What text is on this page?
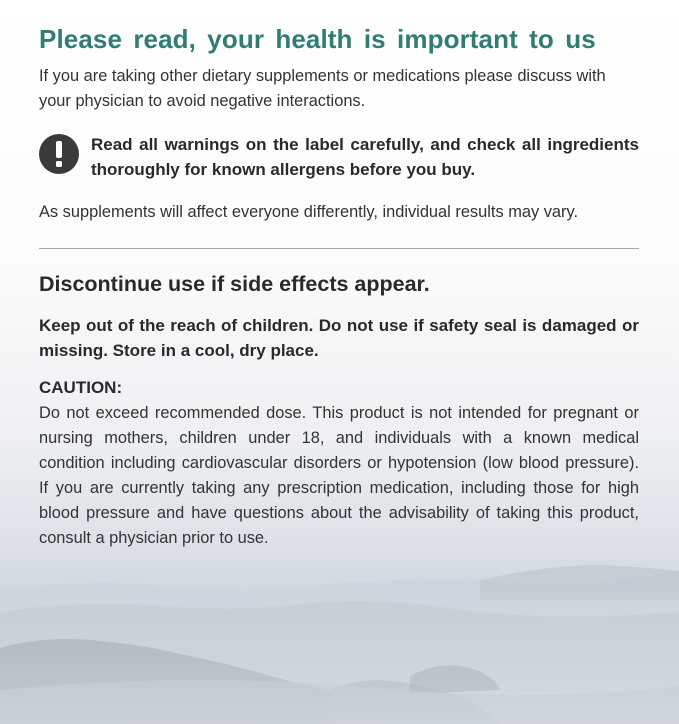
Please read, your health is important to us

If you are taking other dietary supplements or medications please discuss with your physician to avoid negative interactions.

Read all warnings on the label carefully, and check all ingredients thoroughly for known allergens before you buy.

As supplements will affect everyone differently, individual results may vary.

Discontinue use if side effects appear.

Keep out of the reach of children. Do not use if safety seal is damaged or missing. Store in a cool, dry place.

CAUTION:

Do not exceed recommended dose. This product is not intended for pregnant or nursing mothers, children under 18, and individuals with a known medical condition including cardiovascular disorders or hypotension (low blood pressure). If you are currently taking any prescription medication, including those for high blood pressure and have questions about the advisability of taking this product, consult a physician prior to use.
